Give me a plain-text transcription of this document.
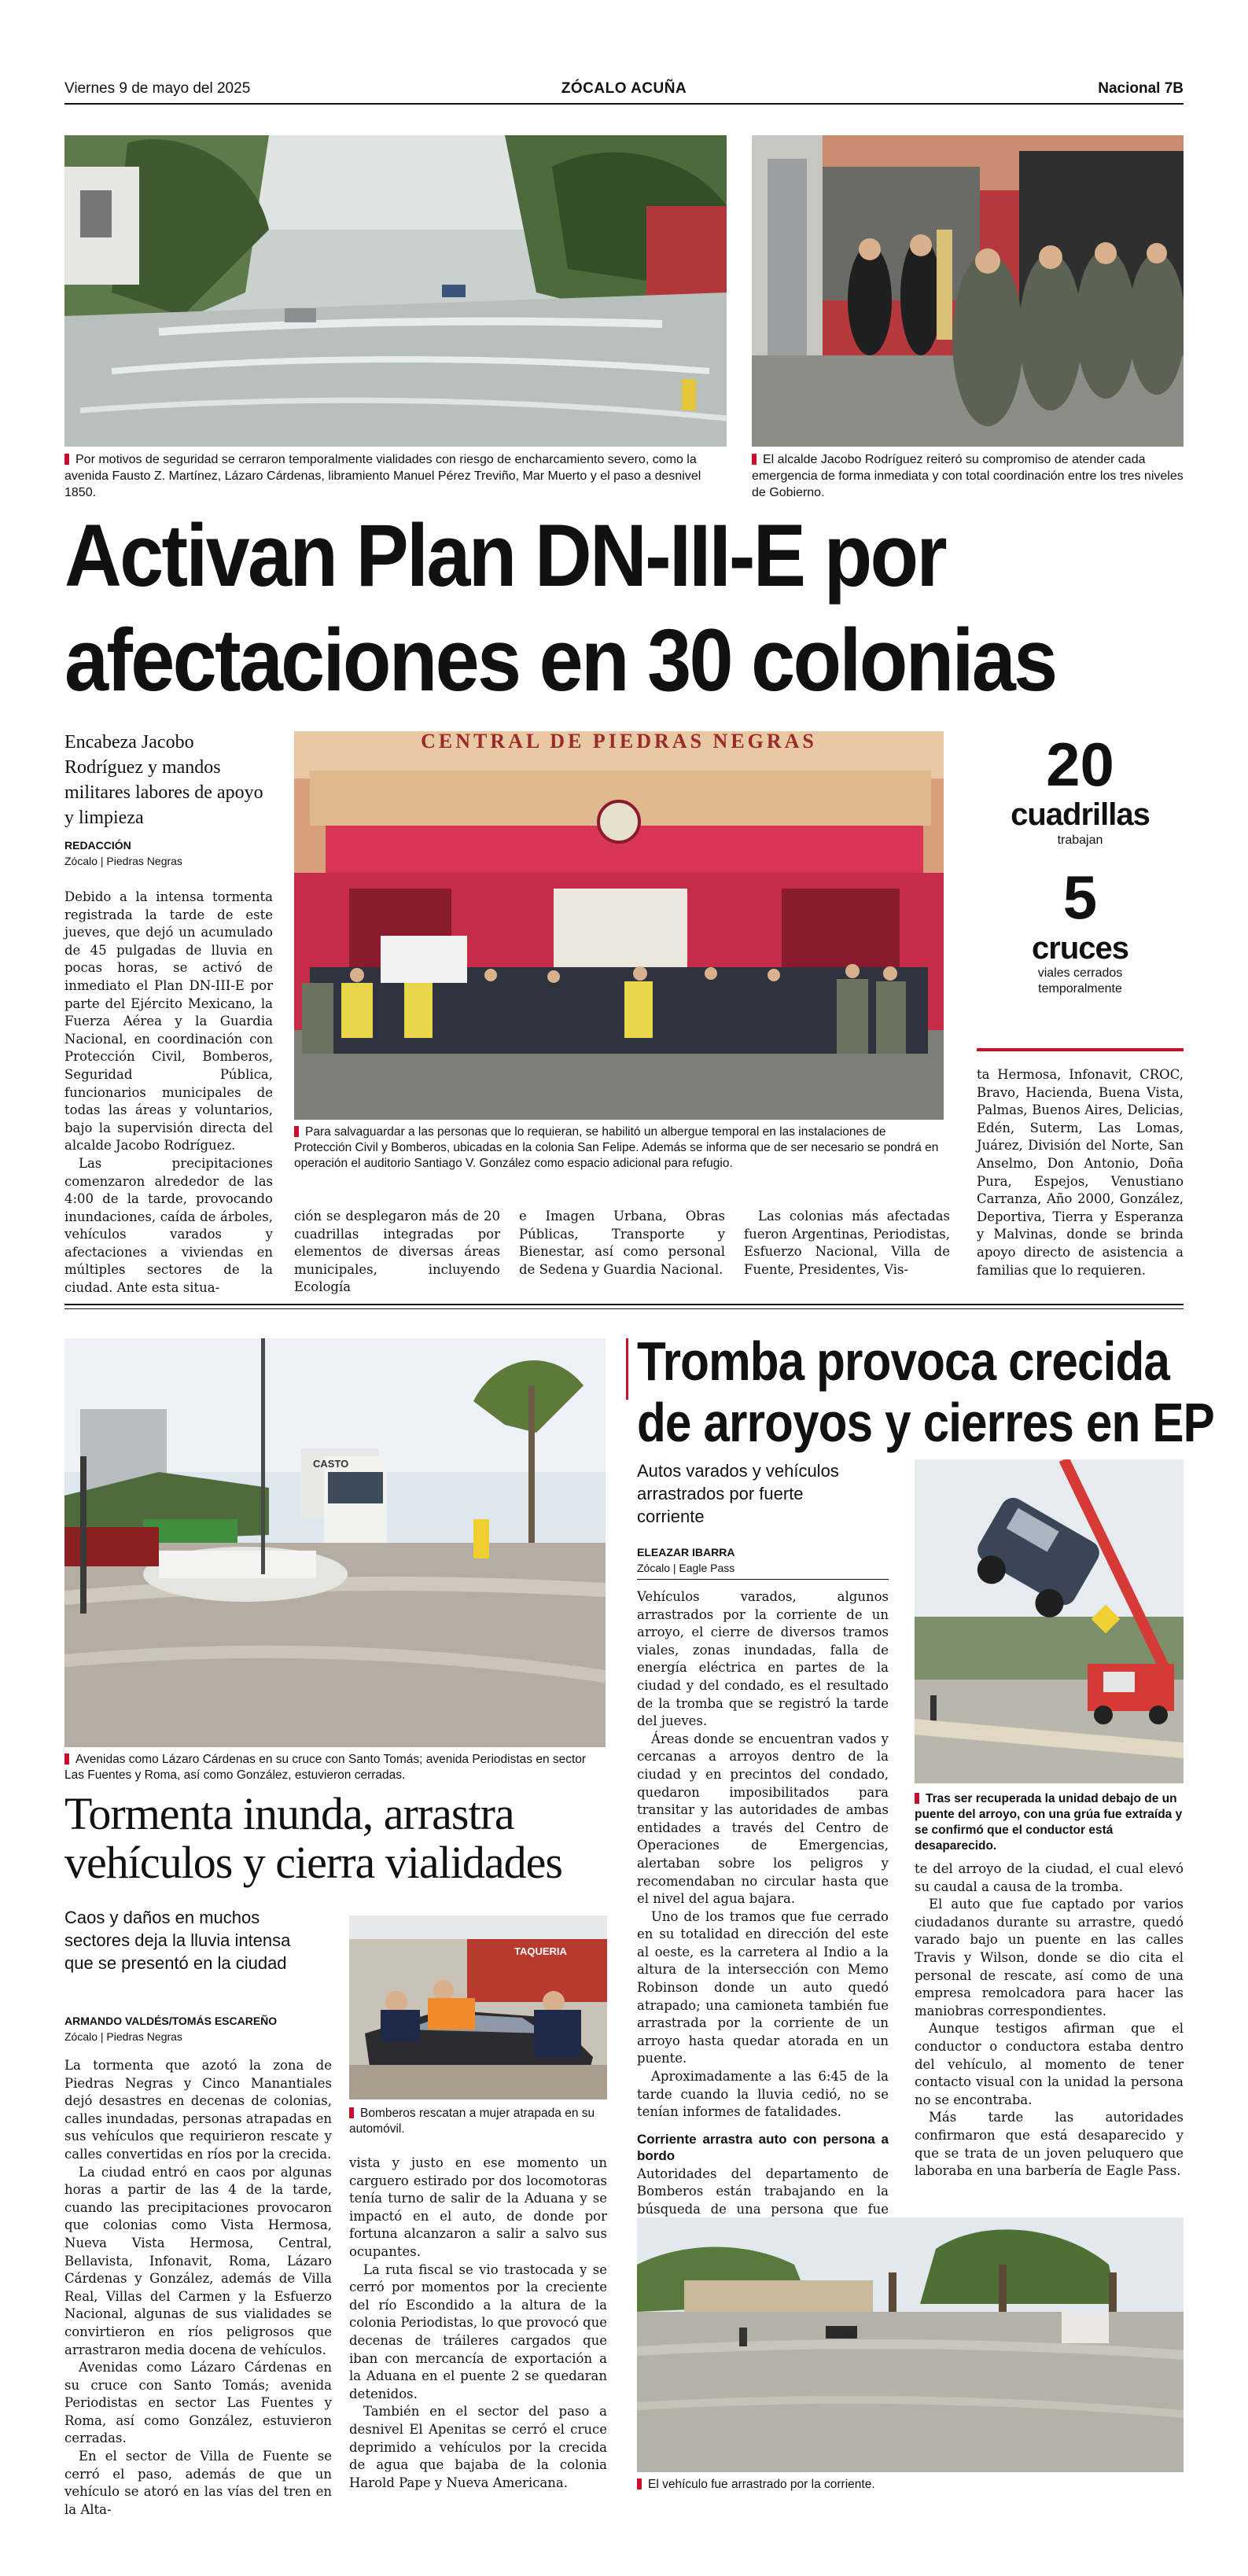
Viernes 9 de mayo del 2025	ZÓCALO ACUÑA	Nacional 7B
Por motivos de seguridad se cerraron temporalmente vialidades con riesgo de encharcamiento severo, como la avenida Fausto Z. Martínez, Lázaro Cárdenas, libramiento Manuel Pérez Treviño, Mar Muerto y el paso a desnivel 1850.
El alcalde Jacobo Rodríguez reiteró su compromiso de atender cada emergencia de forma inmediata y con total coordinación entre los tres niveles de Gobierno.
Activan Plan DN-III-E por
afectaciones en 30 colonias
Encabeza Jacobo Rodríguez y mandos militares labores de apoyo y limpieza
REDACCIÓN
Zócalo | Piedras Negras

Debido a la intensa tormenta registrada la tarde de este jueves, que dejó un acumulado de 45 pulgadas de lluvia en pocas horas, se activó de inmediato el Plan DN-III-E por parte del Ejército Mexicano, la Fuerza Aérea y la Guardia Nacional, en coordinación con Protección Civil, Bomberos, Seguridad Pública, funcionarios municipales de todas las áreas y voluntarios, bajo la supervisión directa del alcalde Jacobo Rodríguez.

Las precipitaciones comenzaron alrededor de las 4:00 de la tarde, provocando inundaciones, caída de árboles, vehículos varados y afectaciones a viviendas en múltiples sectores de la ciudad. Ante esta situa-

CENTRAL DE PIEDRAS NEGRAS
Para salvaguardar a las personas que lo requieran, se habilitó un albergue temporal en las instalaciones de Protección Civil y Bomberos, ubicadas en la colonia San Felipe. Además se informa que de ser necesario se pondrá en operación el auditorio Santiago V. González como espacio adicional para refugio.
20
cuadrillas
trabajan
5
cruces
viales cerrados temporalmente

ción se desplegaron más de 20 cuadrillas integradas por elementos de diversas áreas municipales, incluyendo Ecología

e Imagen Urbana, Obras Públicas, Transporte y Bienestar, así como personal de Sedena y Guardia Nacional.

Las colonias más afectadas fueron Argentinas, Periodistas, Esfuerzo Nacional, Villa de Fuente, Presidentes, Vis-

ta Hermosa, Infonavit, CROC, Bravo, Hacienda, Buena Vista, Palmas, Buenos Aires, Delicias, Edén, Suterm, Las Lomas, Juárez, División del Norte, San Anselmo, Don Antonio, Doña Pura, Espejos, Venustiano Carranza, Año 2000, González, Deportiva, Tierra y Esperanza y Malvinas, donde se brinda apoyo directo de asistencia a familias que lo requieren.

CASTO
Avenidas como Lázaro Cárdenas en su cruce con Santo Tomás; avenida Periodistas en sector Las Fuentes y Roma, así como González, estuvieron cerradas.
Tormenta inunda, arrastra
vehículos y cierra vialidades
Caos y daños en muchos sectores deja la lluvia intensa que se presentó en la ciudad
ARMANDO VALDÉS/TOMÁS ESCAREÑO
Zócalo | Piedras Negras
TAQUERIA
Bomberos rescatan a mujer atrapada en su automóvil.

La tormenta que azotó la zona de Piedras Negras y Cinco Manantiales dejó desastres en decenas de colonias, calles inundadas, personas atrapadas en sus vehículos que requirieron rescate y calles convertidas en ríos por la crecida.

La ciudad entró en caos por algunas horas a partir de las 4 de la tarde, cuando las precipitaciones provocaron que colonias como Vista Hermosa, Nueva Vista Hermosa, Central, Bellavista, Infonavit, Roma, Lázaro Cárdenas y González, además de Villa Real, Villas del Carmen y la Esfuerzo Nacional, algunas de sus vialidades se convirtieron en ríos peligrosos que arrastraron media docena de vehículos.

Avenidas como Lázaro Cárdenas en su cruce con Santo Tomás; avenida Periodistas en sector Las Fuentes y Roma, así como González, estuvieron cerradas.

En el sector de Villa de Fuente se cerró el paso, además de que un vehículo se atoró en las vías del tren en la Alta-

vista y justo en ese momento un carguero estirado por dos locomotoras tenía turno de salir de la Aduana y se impactó en el auto, de donde por fortuna alcanzaron a salir a salvo sus ocupantes.

La ruta fiscal se vio trastocada y se cerró por momentos por la creciente del río Escondido a la altura de la colonia Periodistas, lo que provocó que decenas de tráileres cargados que iban con mercancía de exportación a la Aduana en el puente 2 se quedaran detenidos.

También en el sector del paso a desnivel El Apenitas se cerró el cruce deprimido a vehículos por la crecida de agua que bajaba de la colonia Harold Pape y Nueva Americana.

Tromba provoca crecida
de arroyos y cierres en EP
Autos varados y vehículos arrastrados por fuerte corriente
ELEAZAR IBARRA
Zócalo | Eagle Pass

Vehículos varados, algunos arrastrados por la corriente de un arroyo, el cierre de diversos tramos viales, zonas inundadas, falla de energía eléctrica en partes de la ciudad y del condado, es el resultado de la tromba que se registró la tarde del jueves.

Áreas donde se encuentran vados y cercanas a arroyos dentro de la ciudad y en precintos del condado, quedaron imposibilitados para transitar y las autoridades de ambas entidades a través del Centro de Operaciones de Emergencias, alertaban sobre los peligros y recomendaban no circular hasta que el nivel del agua bajara.

Uno de los tramos que fue cerrado en su totalidad en dirección del este al oeste, es la carretera al Indio a la altura de la intersección con Memo Robinson donde un auto quedó atrapado; una camioneta también fue arrastrada por la corriente de un arroyo hasta quedar atorada en un puente.

Aproximadamente a las 6:45 de la tarde cuando la lluvia cedió, no se tenían informes de fatalidades.

Corriente arrastra auto con persona a bordo

Autoridades del departamento de Bomberos están trabajando en la búsqueda de una persona que fue

Tras ser recuperada la unidad debajo de un puente del arroyo, con una grúa fue extraída y se confirmó que el conductor está desaparecido.

te del arroyo de la ciudad, el cual elevó su caudal a causa de la tromba.

El auto que fue captado por varios ciudadanos durante su arrastre, quedó varado bajo un puente en las calles Travis y Wilson, donde se dio cita el personal de rescate, así como de una empresa remolcadora para hacer las maniobras correspondientes.

Aunque testigos afirman que el conductor o conductora estaba dentro del vehículo, al momento de tener contacto visual con la unidad la persona no se encontraba.

Más tarde las autoridades confirmaron que está desaparecido y que se trata de un joven peluquero que laboraba en una barbería de Eagle Pass.

El vehículo fue arrastrado por la corriente.
